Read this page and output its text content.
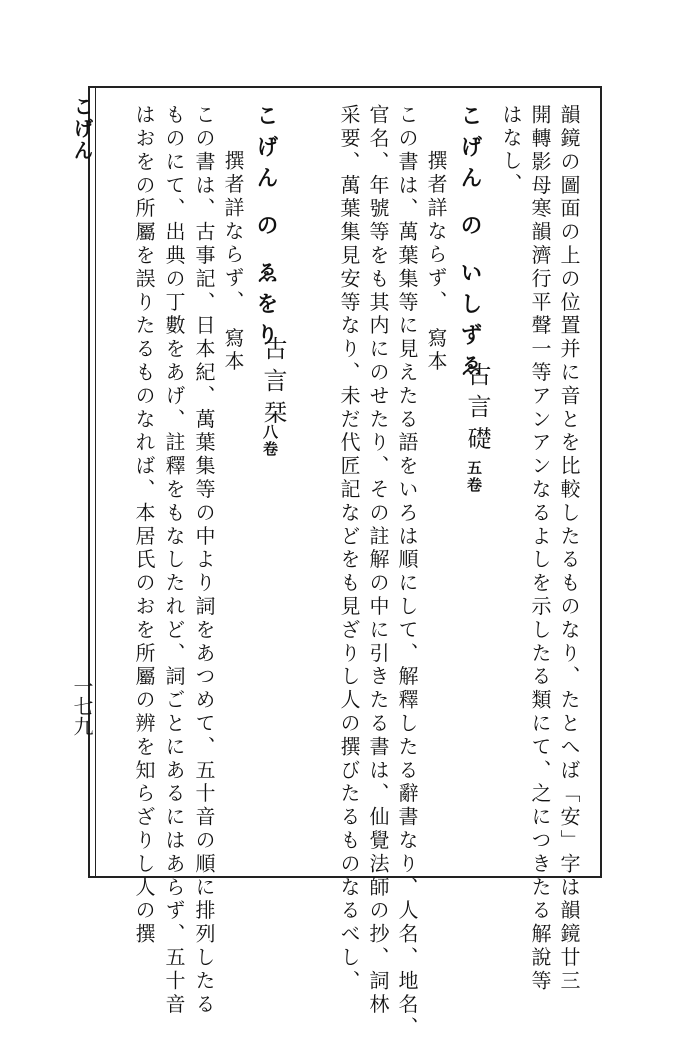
こげん
一七九	韻鏡の圖面の上の位置并に音とを比較したるものなり、たとへば「安」字は韻鏡廿三
開轉影母寒韻濟行平聲一等アンアンなるよしを示したる類にて、之につきたる解說等
はなし、
こげん の いしずゑ
古言礎
五卷
撰者詳ならず、　寫本
この書は、萬葉集等に見えたる語をいろは順にして、解釋したる辭書なり、人名、地名、
官名、年號等をも其内にのせたり、その註解の中に引きたる書は、仙覺法師の抄、詞林
采要、萬葉集見安等なり、未だ代匠記などをも見ざりし人の撰びたるものなるべし、
こげん の ゑをり
古言栞
八卷
撰者詳ならず、　寫本
この書は、古事記、日本紀、萬葉集等の中より詞をあつめて、五十音の順に排列したる
ものにて、出典の丁數をあげ、註釋をもなしたれど、詞ごとにあるにはあらず、五十音
はおをの所屬を誤りたるものなれば、本居氏のおを所屬の辨を知らざりし人の撰
